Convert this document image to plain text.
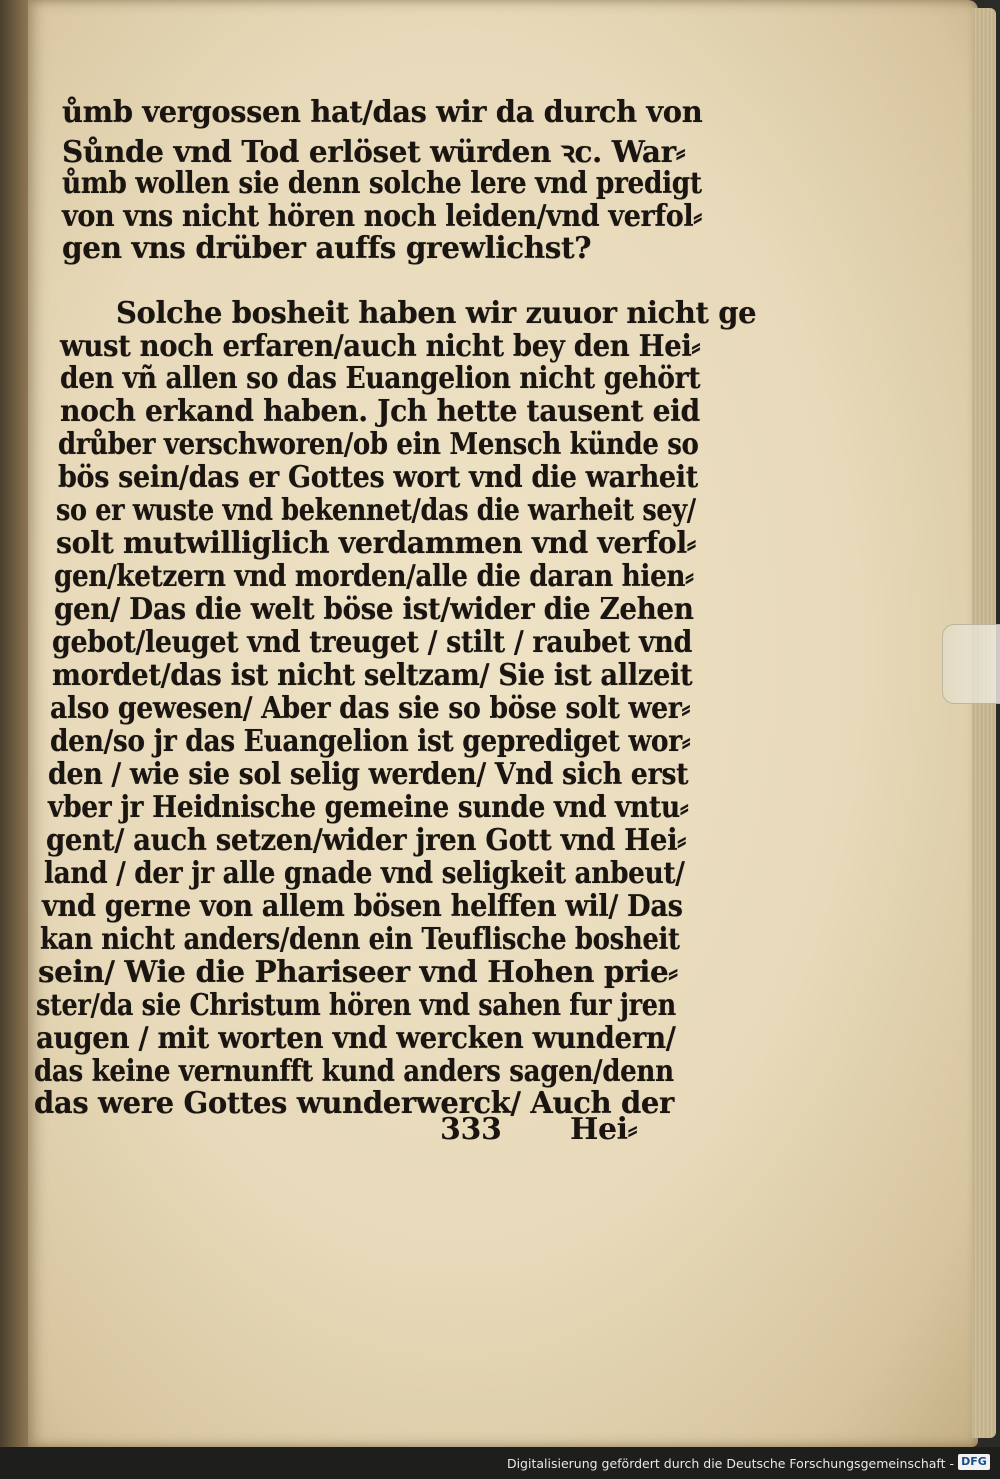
ůmb vergossen hat/das wir da durch von
Sůnde vnd Tod erlöset würden ꝛc. War⸗
ůmb wollen sie denn solche lere vnd predigt
von vns nicht hören noch leiden/vnd verfol⸗
gen vns drüber auffs grewlichst?
Solche bosheit haben wir zuuor nicht ge
wust noch erfaren/auch nicht bey den Hei⸗
den vñ allen so das Euangelion nicht gehört
noch erkand haben. Jch hette tausent eid
drůber verschworen/ob ein Mensch künde so
bös sein/das er Gottes wort vnd die warheit
so er wuste vnd bekennet/das die warheit sey/
solt mutwilliglich verdammen vnd verfol⸗
gen/ketzern vnd morden/alle die daran hien⸗
gen/ Das die welt böse ist/wider die Zehen
gebot/leuget vnd treuget / stilt / raubet vnd
mordet/das ist nicht seltzam/ Sie ist allzeit
also gewesen/ Aber das sie so böse solt wer⸗
den/so jr das Euangelion ist geprediget wor⸗
den / wie sie sol selig werden/ Vnd sich erst
vber jr Heidnische gemeine sunde vnd vntu⸗
gent/ auch setzen/wider jren Gott vnd Hei⸗
land / der jr alle gnade vnd seligkeit anbeut/
vnd gerne von allem bösen helffen wil/ Das
kan nicht anders/denn ein Teuflische bosheit
sein/ Wie die Phariseer vnd Hohen prie⸗
ster/da sie Christum hören vnd sahen fur jren
augen / mit worten vnd wercken wundern/
das keine vernunfft kund anders sagen/denn
das were Gottes wunderwerck/ Auch der
333 Hei⸗
Digitalisierung gefördert durch die Deutsche Forschungsgemeinschaft - DFG
